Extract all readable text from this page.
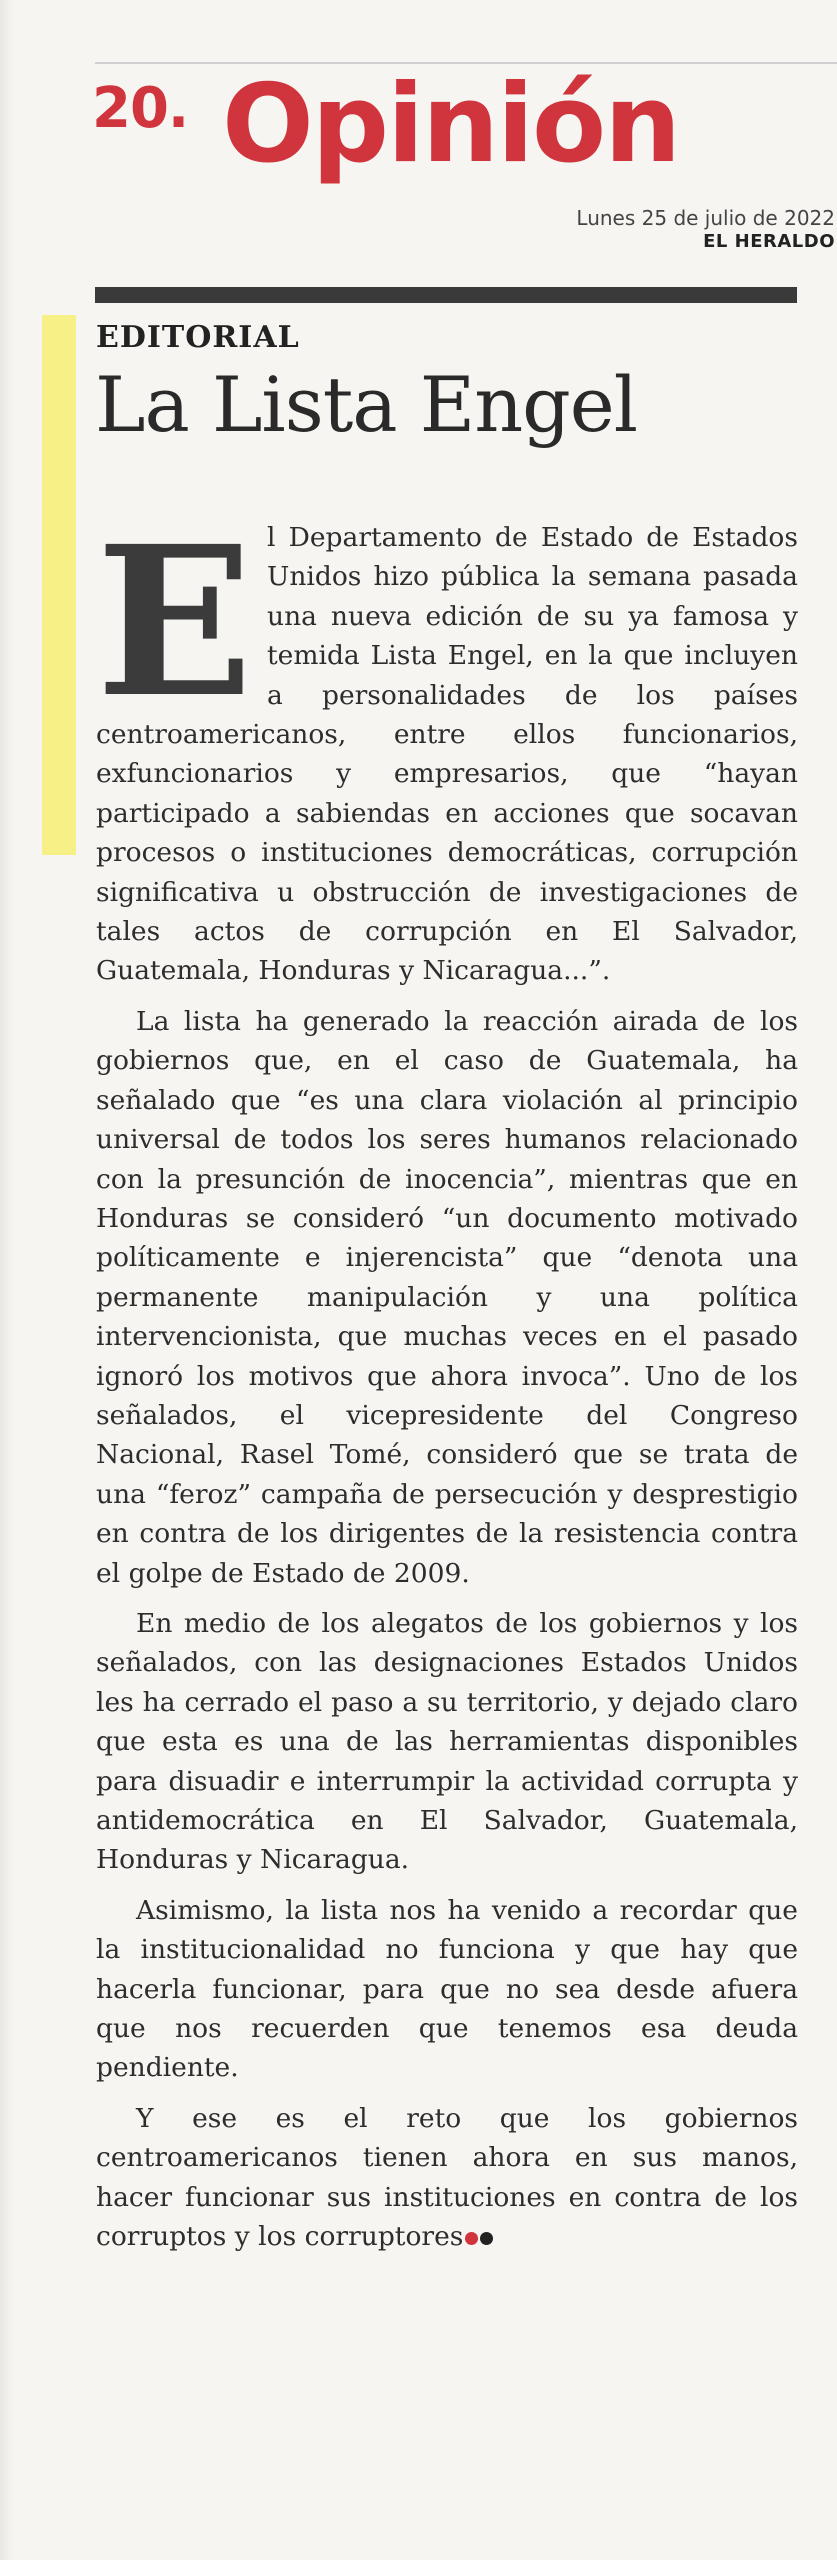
20. Opinión
Lunes 25 de julio de 2022
EL HERALDO
EDITORIAL
La Lista Engel

El Departamento de Estado de Estados Unidos hizo pública la semana pasada una nueva edición de su ya famosa y temida Lista Engel, en la que incluyen a personalidades de los países centroamericanos, entre ellos funcionarios, exfuncionarios y empresarios, que “hayan participado a sabiendas en acciones que socavan procesos o instituciones democráticas, corrupción significativa u obstrucción de investigaciones de tales actos de corrupción en El Salvador, Guatemala, Honduras y Nicaragua...”.

La lista ha generado la reacción airada de los gobiernos que, en el caso de Guatemala, ha señalado que “es una clara violación al principio universal de todos los seres humanos relacionado con la presunción de inocencia”, mientras que en Honduras se consideró “un documento motivado políticamente e injerencista” que “denota una permanente manipulación y una política intervencionista, que muchas veces en el pasado ignoró los motivos que ahora invoca”. Uno de los señalados, el vicepresidente del Congreso Nacional, Rasel Tomé, consideró que se trata de una “feroz” campaña de persecución y desprestigio en contra de los dirigentes de la resistencia contra el golpe de Estado de 2009.

En medio de los alegatos de los gobiernos y los señalados, con las designaciones Estados Unidos les ha cerrado el paso a su territorio, y dejado claro que esta es una de las herramientas disponibles para disuadir e interrumpir la actividad corrupta y antidemocrática en El Salvador, Guatemala, Honduras y Nicaragua.

Asimismo, la lista nos ha venido a recordar que la institucionalidad no funciona y que hay que hacerla funcionar, para que no sea desde afuera que nos recuerden que tenemos esa deuda pendiente.

Y ese es el reto que los gobiernos centroamericanos tienen ahora en sus manos, hacer funcionar sus instituciones en contra de los corruptos y los corruptores
